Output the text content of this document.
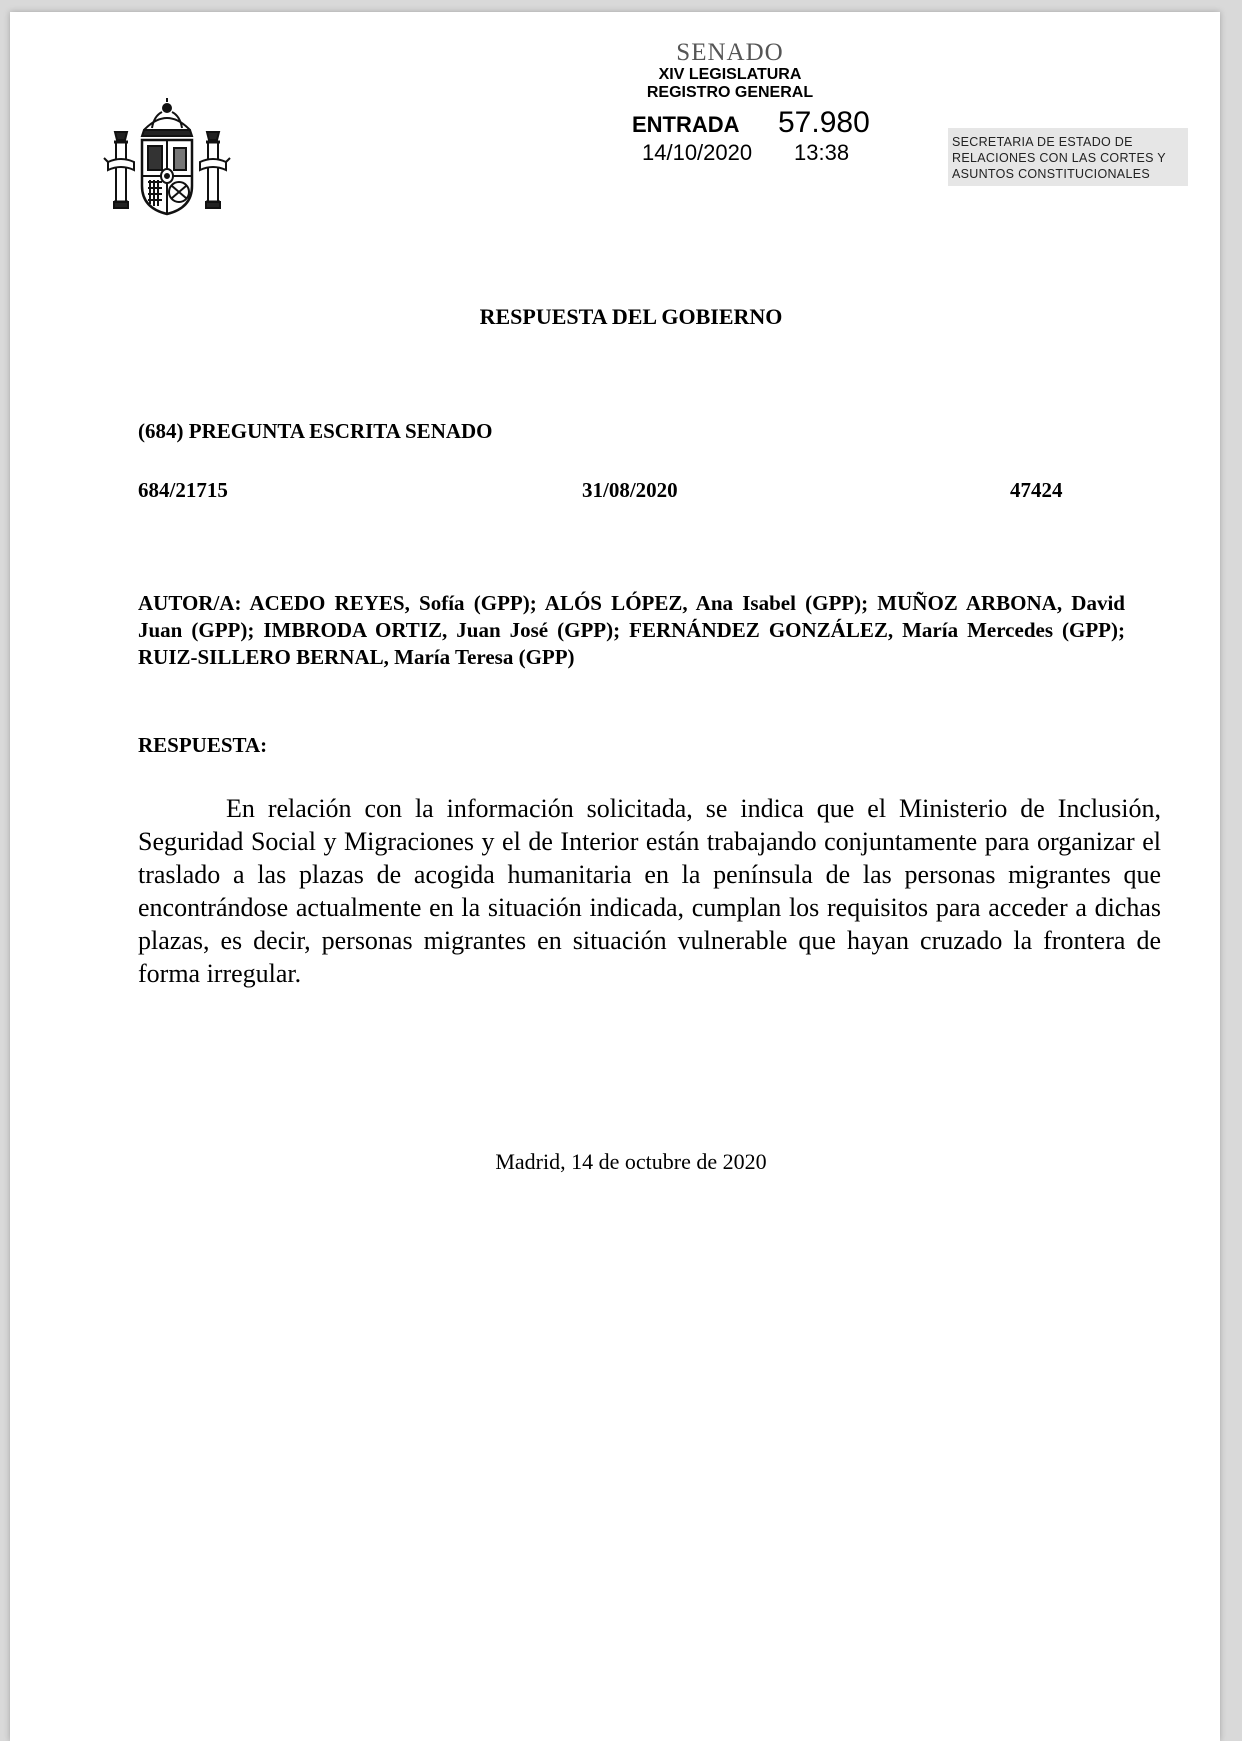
SENADO
XIV LEGISLATURA
REGISTRO GENERAL
ENTRADA 57.980
14/10/2020 13:38	SECRETARIA DE ESTADO DE
RELACIONES CON LAS CORTES Y
ASUNTOS CONSTITUCIONALES
RESPUESTA DEL GOBIERNO
(684) PREGUNTA ESCRITA SENADO
684/21715	31/08/2020	47424
AUTOR/A: ACEDO REYES, Sofía (GPP); ALÓS LÓPEZ, Ana Isabel (GPP); MUÑOZ ARBONA, David Juan (GPP); IMBRODA ORTIZ, Juan José (GPP); FERNÁNDEZ GONZÁLEZ, María Mercedes (GPP); RUIZ-SILLERO BERNAL, María Teresa (GPP)
RESPUESTA:
En relación con la información solicitada, se indica que el Ministerio de Inclusión, Seguridad Social y Migraciones y el de Interior están trabajando conjuntamente para organizar el traslado a las plazas de acogida humanitaria en la península de las personas migrantes que encontrándose actualmente en la situación indicada, cumplan los requisitos para acceder a dichas plazas, es decir, personas migrantes en situación vulnerable que hayan cruzado la frontera de forma irregular.
Madrid, 14 de octubre de 2020
